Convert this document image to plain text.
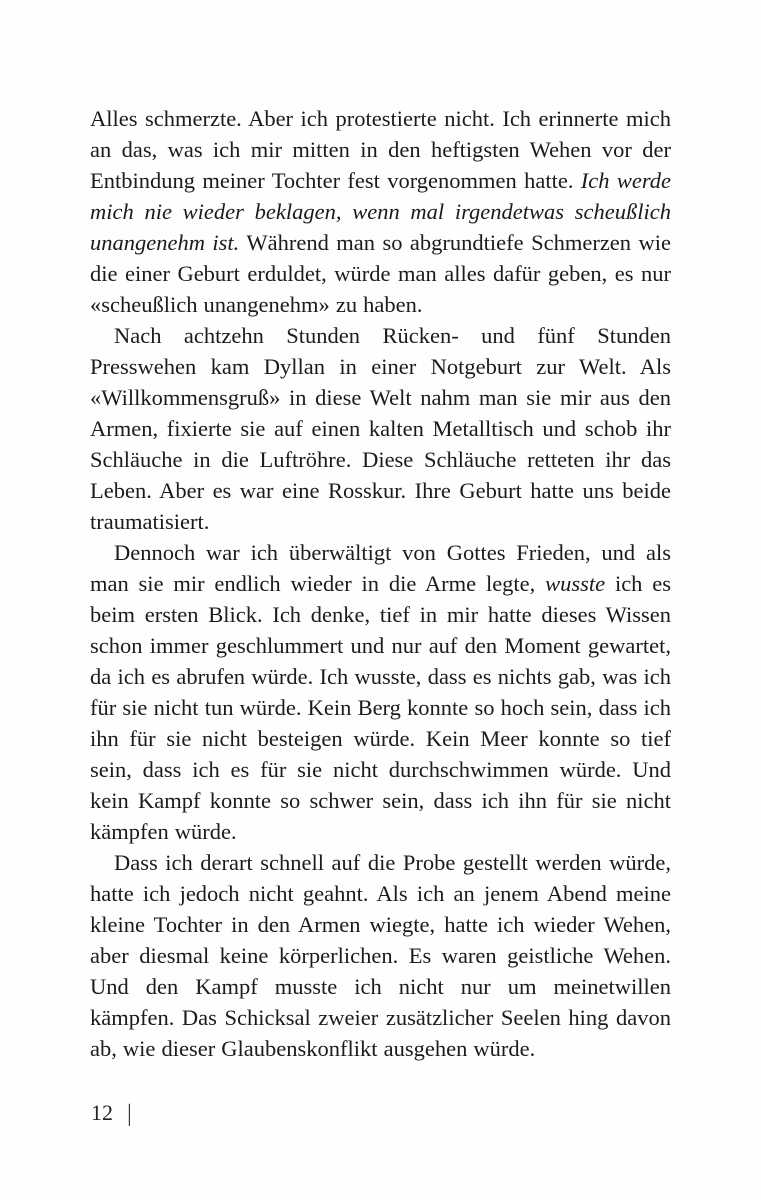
Alles schmerzte. Aber ich protestierte nicht. Ich erinnerte mich an das, was ich mir mitten in den heftigsten Wehen vor der Entbindung meiner Tochter fest vorgenommen hatte. Ich werde mich nie wieder beklagen, wenn mal irgendetwas scheußlich unangenehm ist. Während man so abgrundtiefe Schmerzen wie die einer Geburt erduldet, würde man alles dafür geben, es nur «scheußlich unangenehm» zu haben.

Nach achtzehn Stunden Rücken- und fünf Stunden Presswehen kam Dyllan in einer Notgeburt zur Welt. Als «Willkommensgruß» in diese Welt nahm man sie mir aus den Armen, fixierte sie auf einen kalten Metalltisch und schob ihr Schläuche in die Luftröhre. Diese Schläuche retteten ihr das Leben. Aber es war eine Rosskur. Ihre Geburt hatte uns beide traumatisiert.

Dennoch war ich überwältigt von Gottes Frieden, und als man sie mir endlich wieder in die Arme legte, wusste ich es beim ersten Blick. Ich denke, tief in mir hatte dieses Wissen schon immer geschlummert und nur auf den Moment gewartet, da ich es abrufen würde. Ich wusste, dass es nichts gab, was ich für sie nicht tun würde. Kein Berg konnte so hoch sein, dass ich ihn für sie nicht besteigen würde. Kein Meer konnte so tief sein, dass ich es für sie nicht durchschwimmen würde. Und kein Kampf konnte so schwer sein, dass ich ihn für sie nicht kämpfen würde.

Dass ich derart schnell auf die Probe gestellt werden würde, hatte ich jedoch nicht geahnt. Als ich an jenem Abend meine kleine Tochter in den Armen wiegte, hatte ich wieder Wehen, aber diesmal keine körperlichen. Es waren geistliche Wehen. Und den Kampf musste ich nicht nur um meinetwillen kämpfen. Das Schicksal zweier zusätzlicher Seelen hing davon ab, wie dieser Glaubenskonflikt ausgehen würde.

12 |
